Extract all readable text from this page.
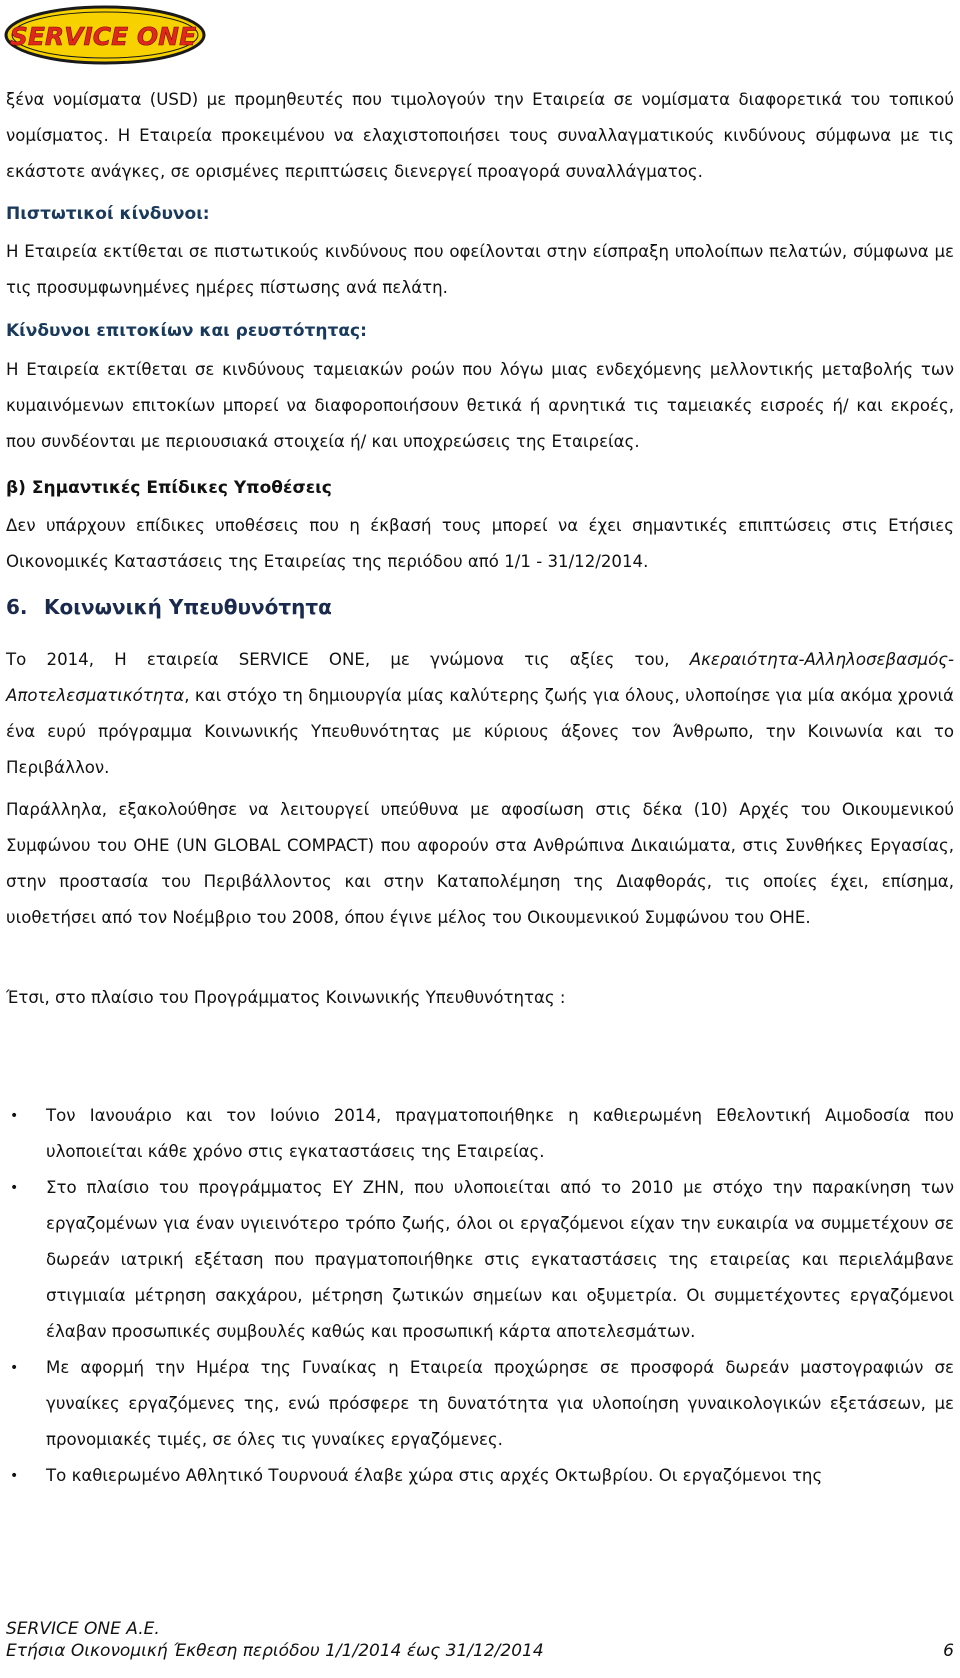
SERVICE ONE

ξένα νομίσματα (USD) με προμηθευτές που τιμολογούν την Εταιρεία σε νομίσματα διαφορετικά του τοπικού νομίσματος. Η Εταιρεία προκειμένου να ελαχιστοποιήσει τους συναλλαγματικούς κινδύνους σύμφωνα με τις εκάστοτε ανάγκες, σε ορισμένες περιπτώσεις διενεργεί προαγορά συναλλάγματος.

Πιστωτικοί κίνδυνοι:

Η Εταιρεία εκτίθεται σε πιστωτικούς κινδύνους που οφείλονται στην είσπραξη υπολοίπων πελατών, σύμφωνα με τις προσυμφωνημένες ημέρες πίστωσης ανά πελάτη.

Κίνδυνοι επιτοκίων και ρευστότητας:

Η Εταιρεία εκτίθεται σε κινδύνους ταμειακών ροών που λόγω μιας ενδεχόμενης μελλοντικής μεταβολής των κυμαινόμενων επιτοκίων μπορεί να διαφοροποιήσουν θετικά ή αρνητικά τις ταμειακές εισροές ή/ και εκροές, που συνδέονται με περιουσιακά στοιχεία ή/ και υποχρεώσεις της Εταιρείας.

β) Σημαντικές Επίδικες Υποθέσεις

Δεν υπάρχουν επίδικες υποθέσεις που η έκβασή τους μπορεί να έχει σημαντικές επιπτώσεις στις Ετήσιες Οικονομικές Καταστάσεις της Εταιρείας της περιόδου από 1/1 - 31/12/2014.

6. Κοινωνική Υπευθυνότητα

Το 2014, Η εταιρεία SERVICE ONE, με γνώμονα τις αξίες του, Ακεραιότητα-Αλληλοσεβασμός-Αποτελεσματικότητα, και στόχο τη δημιουργία μίας καλύτερης ζωής για όλους, υλοποίησε για μία ακόμα χρονιά ένα ευρύ πρόγραμμα Κοινωνικής Υπευθυνότητας με κύριους άξονες τον Άνθρωπο, την Κοινωνία και το Περιβάλλον.

Παράλληλα, εξακολούθησε να λειτουργεί υπεύθυνα με αφοσίωση στις δέκα (10) Αρχές του Οικουμενικού Συμφώνου του ΟΗΕ (UN GLOBAL COMPACT) που αφορούν στα Ανθρώπινα Δικαιώματα, στις Συνθήκες Εργασίας, στην προστασία του Περιβάλλοντος και στην Καταπολέμηση της Διαφθοράς, τις οποίες έχει, επίσημα, υιοθετήσει από τον Νοέμβριο του 2008, όπου έγινε μέλος του Οικουμενικού Συμφώνου του ΟΗΕ.

Έτσι, στο πλαίσιο του Προγράμματος Κοινωνικής Υπευθυνότητας :

• Τον Ιανουάριο και τον Ιούνιο 2014, πραγματοποιήθηκε η καθιερωμένη Εθελοντική Αιμοδοσία που υλοποιείται κάθε χρόνο στις εγκαταστάσεις της Εταιρείας.
• Στο πλαίσιο του προγράμματος ΕΥ ΖΗΝ, που υλοποιείται από το 2010 με στόχο την παρακίνηση των εργαζομένων για έναν υγιεινότερο τρόπο ζωής, όλοι οι εργαζόμενοι είχαν την ευκαιρία να συμμετέχουν σε δωρεάν ιατρική εξέταση που πραγματοποιήθηκε στις εγκαταστάσεις της εταιρείας και περιελάμβανε στιγμιαία μέτρηση σακχάρου, μέτρηση ζωτικών σημείων και οξυμετρία. Οι συμμετέχοντες εργαζόμενοι έλαβαν προσωπικές συμβουλές καθώς και προσωπική κάρτα αποτελεσμάτων.
• Με αφορμή την Ημέρα της Γυναίκας η Εταιρεία προχώρησε σε προσφορά δωρεάν μαστογραφιών σε γυναίκες εργαζόμενες της, ενώ πρόσφερε τη δυνατότητα για υλοποίηση γυναικολογικών εξετάσεων, με προνομιακές τιμές, σε όλες τις γυναίκες εργαζόμενες.
• Το καθιερωμένο Αθλητικό Τουρνουά έλαβε χώρα στις αρχές Οκτωβρίου. Οι εργαζόμενοι της
SERVICE ONE A.E.
Ετήσια Οικονομική Έκθεση περιόδου 1/1/2014 έως 31/12/2014	6
